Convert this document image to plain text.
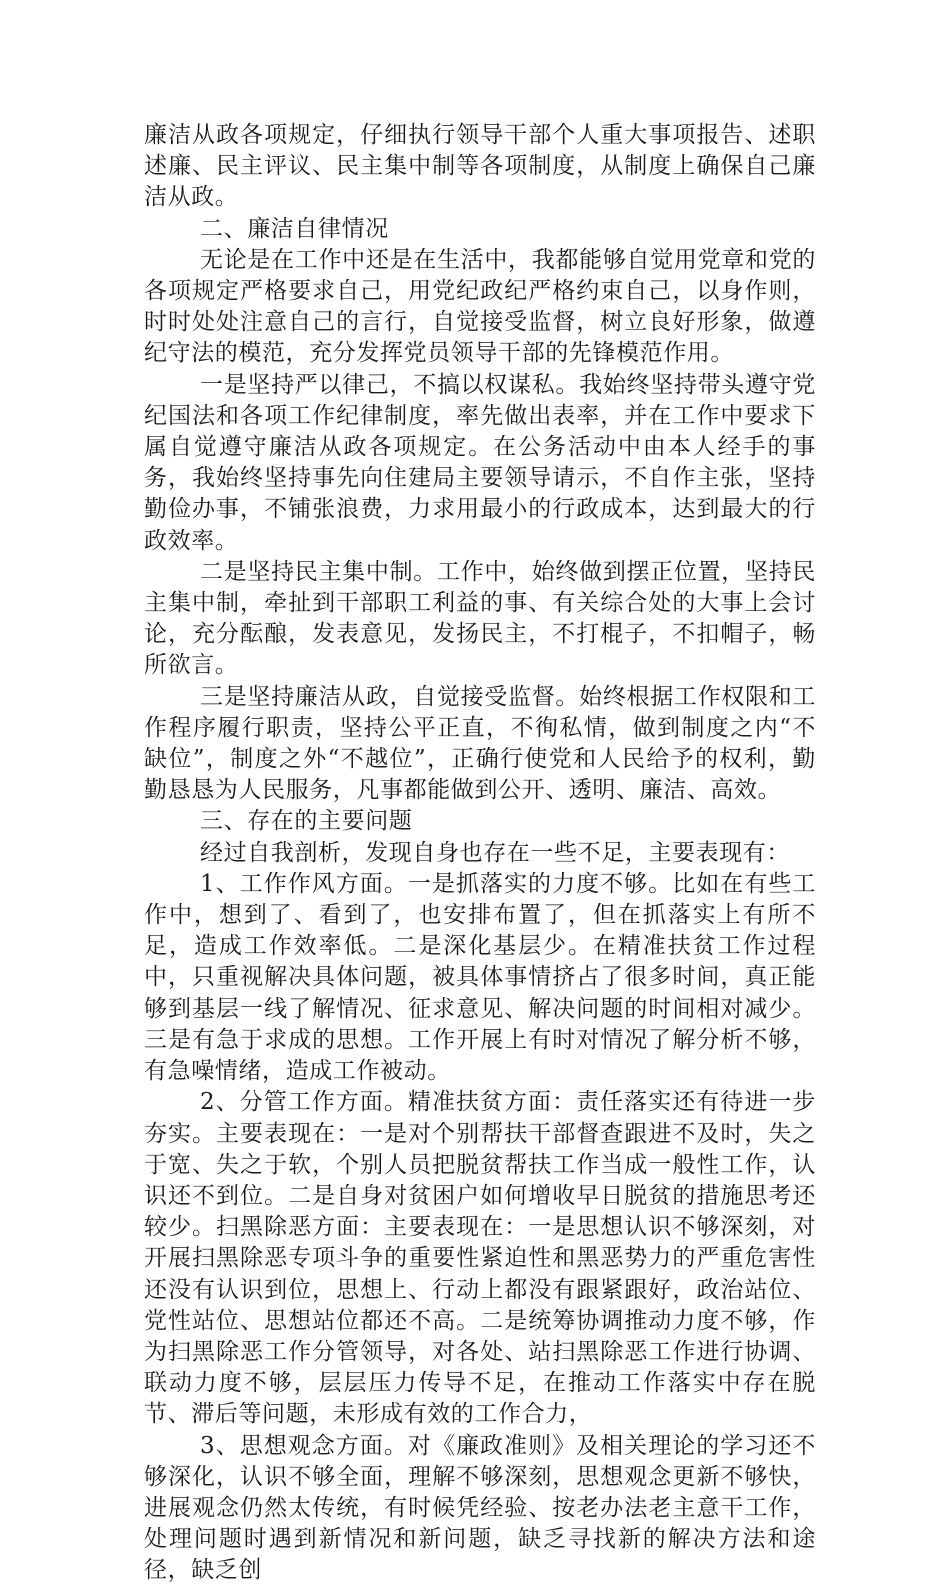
廉洁从政各项规定，仔细执行领导干部个人重大事项报告、述职述廉、民主评议、民主集中制等各项制度，从制度上确保自己廉洁从政。

二、廉洁自律情况

无论是在工作中还是在生活中，我都能够自觉用党章和党的各项规定严格要求自己，用党纪政纪严格约束自己，以身作则，时时处处注意自己的言行，自觉接受监督，树立良好形象，做遵纪守法的模范，充分发挥党员领导干部的先锋模范作用。

一是坚持严以律己，不搞以权谋私。我始终坚持带头遵守党纪国法和各项工作纪律制度，率先做出表率，并在工作中要求下属自觉遵守廉洁从政各项规定。在公务活动中由本人经手的事务，我始终坚持事先向住建局主要领导请示，不自作主张，坚持勤俭办事，不铺张浪费，力求用最小的行政成本，达到最大的行政效率。

二是坚持民主集中制。工作中，始终做到摆正位置，坚持民主集中制，牵扯到干部职工利益的事、有关综合处的大事上会讨论，充分酝酿，发表意见，发扬民主，不打棍子，不扣帽子，畅所欲言。

三是坚持廉洁从政，自觉接受监督。始终根据工作权限和工作程序履行职责，坚持公平正直，不徇私情，做到制度之内“不缺位”，制度之外“不越位”，正确行使党和人民给予的权利，勤勤恳恳为人民服务，凡事都能做到公开、透明、廉洁、高效。

三、存在的主要问题

经过自我剖析，发现自身也存在一些不足，主要表现有：

1、工作作风方面。一是抓落实的力度不够。比如在有些工作中，想到了、看到了，也安排布置了，但在抓落实上有所不足，造成工作效率低。二是深化基层少。在精准扶贫工作过程中，只重视解决具体问题，被具体事情挤占了很多时间，真正能够到基层一线了解情况、征求意见、解决问题的时间相对减少。三是有急于求成的思想。工作开展上有时对情况了解分析不够，有急噪情绪，造成工作被动。

2、分管工作方面。精准扶贫方面：责任落实还有待进一步夯实。主要表现在：一是对个别帮扶干部督查跟进不及时，失之于宽、失之于软，个别人员把脱贫帮扶工作当成一般性工作，认识还不到位。二是自身对贫困户如何增收早日脱贫的措施思考还较少。扫黑除恶方面：主要表现在：一是思想认识不够深刻，对开展扫黑除恶专项斗争的重要性紧迫性和黑恶势力的严重危害性还没有认识到位，思想上、行动上都没有跟紧跟好，政治站位、党性站位、思想站位都还不高。二是统筹协调推动力度不够，作为扫黑除恶工作分管领导，对各处、站扫黑除恶工作进行协调、联动力度不够，层层压力传导不足，在推动工作落实中存在脱节、滞后等问题，未形成有效的工作合力，

3、思想观念方面。对《廉政准则》及相关理论的学习还不够深化，认识不够全面，理解不够深刻，思想观念更新不够快，进展观念仍然太传统，有时候凭经验、按老办法老主意干工作，处理问题时遇到新情况和新问题，缺乏寻找新的解决方法和途径，缺乏创
